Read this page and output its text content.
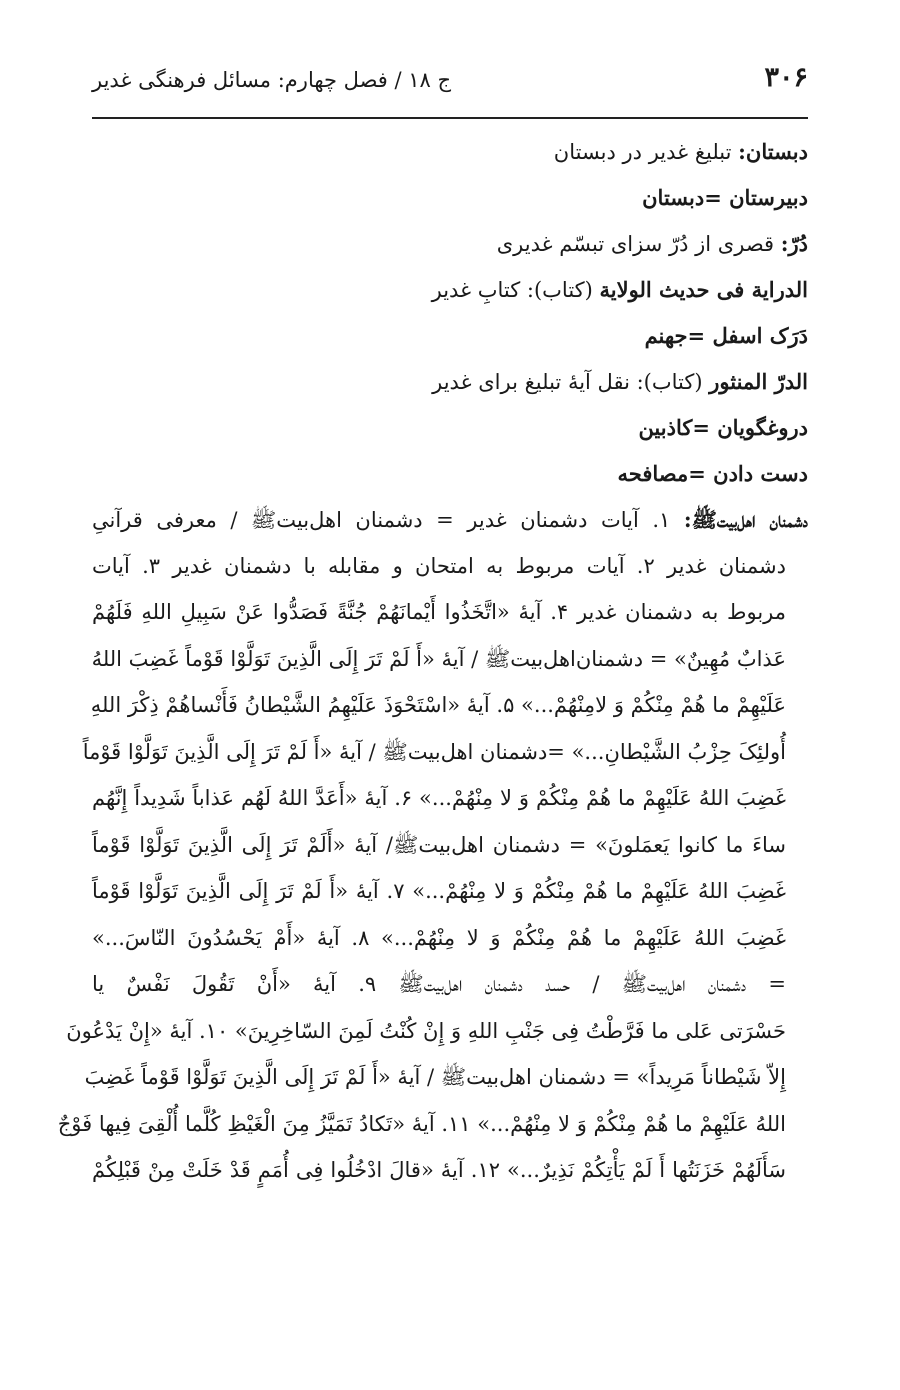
۳۰۶
ج ۱۸ / فصل چهارم: مسائل فرهنگی غدیر
دبستان: تبلیغ غدیر در دبستان
دبیرستان =دبستان
دُرّ: قصری از دُرّ سزای تبسّم غدیری
الدرایة فی حدیث الولایة (کتاب): کتابِ غدیر
دَرَک اسفل =جهنم
الدرّ المنثور (کتاب): نقل آیهٔ تبلیغ برای غدیر
دروغگویان =کاذبین
دست دادن =مصافحه
دشمنان اهل‌بیت‌ﷺ: ۱. آیات دشمنان غدیر = دشمنان اهل‌بیت‌ﷺ / معرفی قرآنیِ
دشمنان غدیر ۲. آیات مربوط به امتحان و مقابله با دشمنان غدیر ۳. آیات
مربوط به دشمنان غدیر ۴. آیهٔ «اتَّخَذُوا أَیْمانَهُمْ جُنَّةً فَصَدُّوا عَنْ سَبِیلِ اللهِ فَلَهُمْ
عَذابٌ مُهِینٌ» = دشمنان‌اهل‌بیت‌ﷺ / آیهٔ «أَ لَمْ تَرَ إِلَی الَّذِینَ تَوَلَّوْا قَوْماً غَضِبَ اللهُ
عَلَیْهِمْ ما هُمْ مِنْکُمْ وَ لامِنْهُمْ...» ۵. آیهٔ «اسْتَحْوَذَ عَلَیْهِمُ الشَّیْطانُ فَأَنْساهُمْ ذِکْرَ اللهِ
أُولئِکَ حِزْبُ الشَّیْطانِ...» =دشمنان اهل‌بیت‌ﷺ / آیهٔ «أَ لَمْ تَرَ إِلَی الَّذِینَ تَوَلَّوْا قَوْماً
غَضِبَ اللهُ عَلَیْهِمْ ما هُمْ مِنْکُمْ وَ لا مِنْهُمْ...» ۶. آیهٔ «أَعَدَّ اللهُ لَهُم عَذاباً شَدِیداً إِنَّهُم
ساءَ ما کانوا یَعمَلونَ» = دشمنان اهل‌بیت‌ﷺ/ آیهٔ «أَلَمْ تَرَ إِلَی الَّذِینَ تَوَلَّوْا قَوْماً
غَضِبَ اللهُ عَلَیْهِمْ ما هُمْ مِنْکُمْ وَ لا مِنْهُمْ...» ۷. آیهٔ «أَ لَمْ تَرَ إِلَی الَّذِینَ تَوَلَّوْا قَوْماً
غَضِبَ اللهُ عَلَیْهِمْ ما هُمْ مِنْکُمْ وَ لا مِنْهُمْ...» ۸. آیهٔ «أَمْ یَحْسُدُونَ النّاسَ...»
= دشمنان اهل‌بیت‌ﷺ / حسد دشمنان اهل‌بیت‌ﷺ ۹. آیهٔ «أَنْ تَقُولَ نَفْسٌ یا
حَسْرَتی عَلی ما فَرَّطْتُ فِی جَنْبِ اللهِ وَ إِنْ کُنْتُ لَمِنَ السّاخِرِینَ» ۱۰. آیهٔ «إِنْ یَدْعُونَ
إِلاّ شَیْطاناً مَرِیداً» = دشمنان اهل‌بیت‌ﷺ / آیهٔ «أَ لَمْ تَرَ إِلَی الَّذِینَ تَوَلَّوْا قَوْماً غَضِبَ
اللهُ عَلَیْهِمْ ما هُمْ مِنْکُمْ وَ لا مِنْهُمْ...» ۱۱. آیهٔ «تَکادُ تَمَیَّزُ مِنَ الْغَیْظِ کُلَّما أُلْقِیَ فِیها فَوْجٌ
سَأَلَهُمْ خَزَنَتُها أَ لَمْ یَأْتِکُمْ نَذِیرٌ...» ۱۲. آیهٔ «قالَ ادْخُلُوا فِی أُمَمٍ قَدْ خَلَتْ مِنْ قَبْلِکُمْ
